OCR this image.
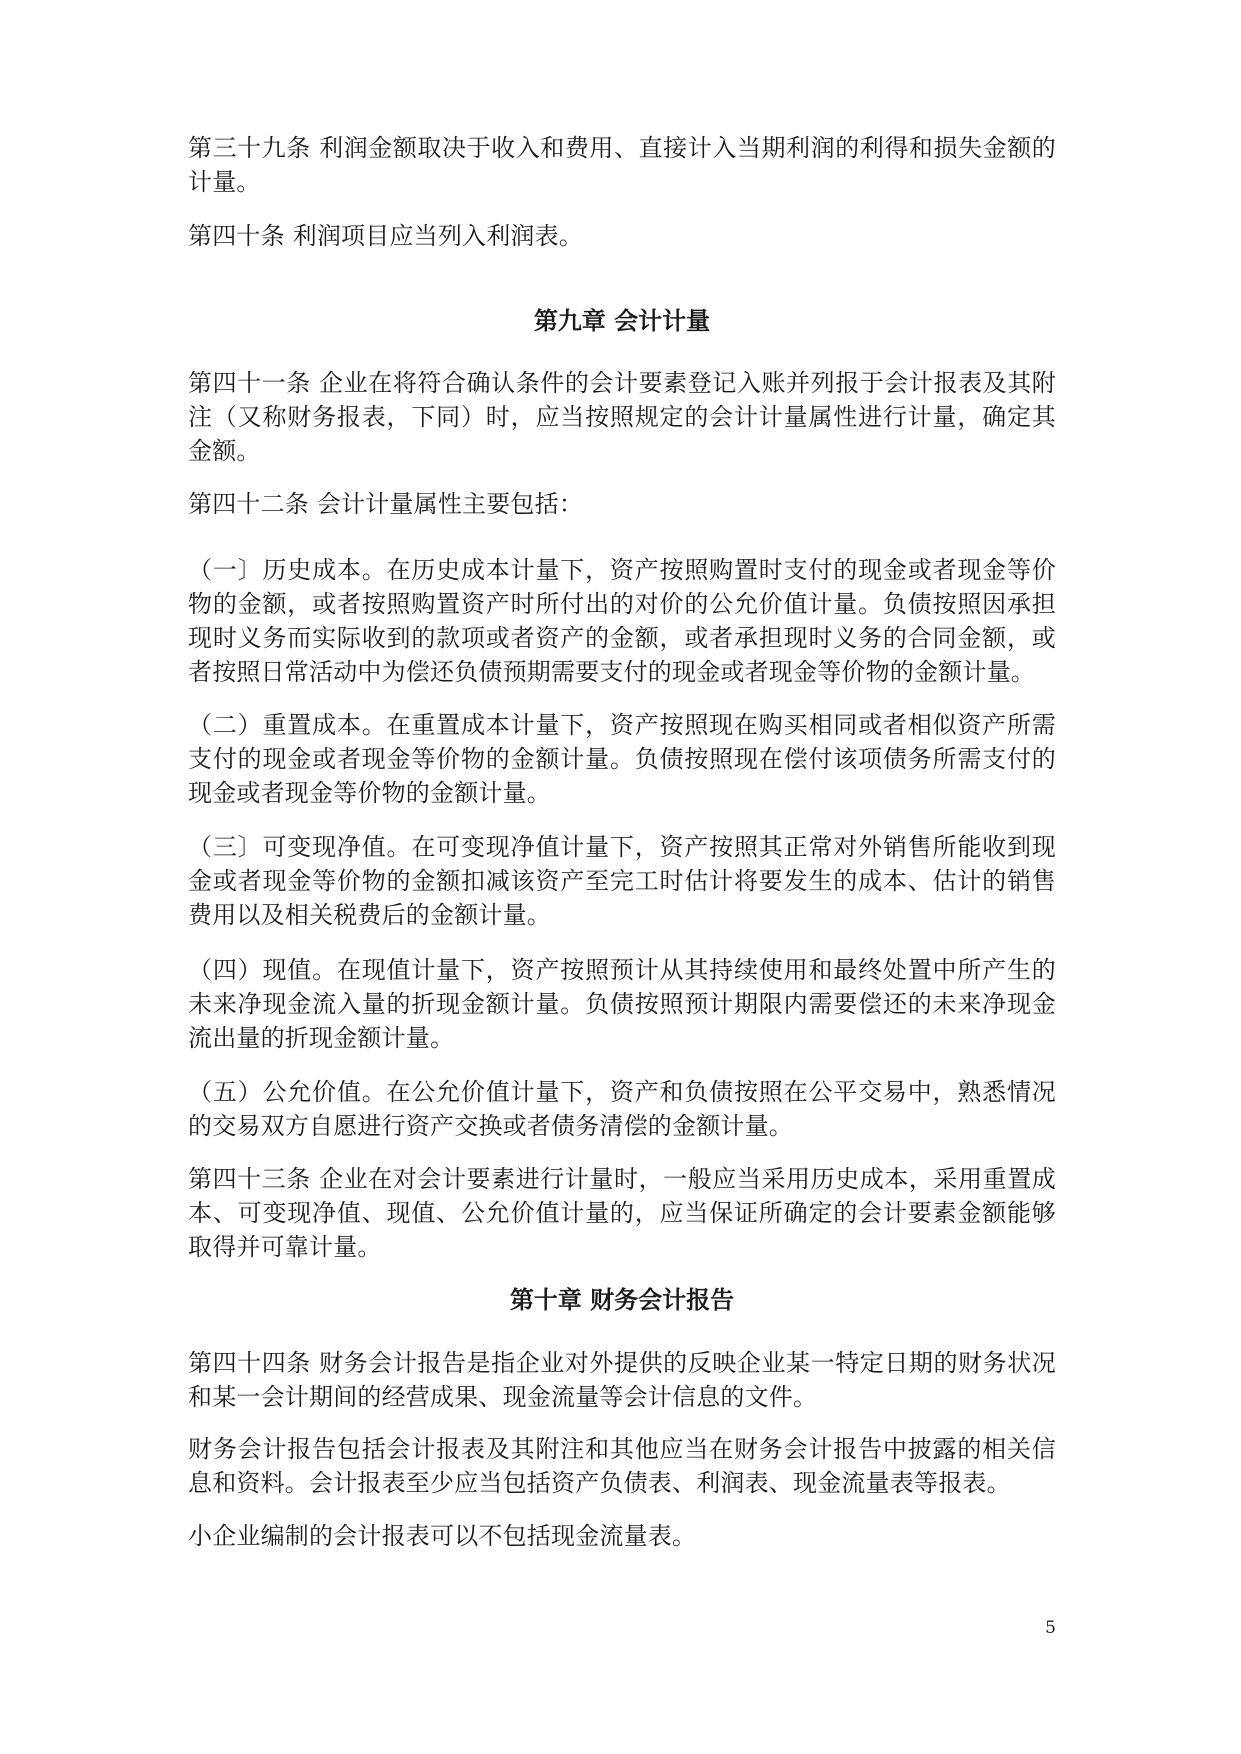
第三十九条 利润金额取决于收入和费用、直接计入当期利润的利得和损失金额的计量。

第四十条 利润项目应当列入利润表。

第九章 会计计量

第四十一条 企业在将符合确认条件的会计要素登记入账并列报于会计报表及其附注（又称财务报表，下同）时，应当按照规定的会计计量属性进行计量，确定其金额。

第四十二条 会计计量属性主要包括：

（一〕历史成本。在历史成本计量下，资产按照购置时支付的现金或者现金等价物的金额，或者按照购置资产时所付出的对价的公允价值计量。负债按照因承担现时义务而实际收到的款项或者资产的金额，或者承担现时义务的合同金额，或者按照日常活动中为偿还负债预期需要支付的现金或者现金等价物的金额计量。

（二）重置成本。在重置成本计量下，资产按照现在购买相同或者相似资产所需支付的现金或者现金等价物的金额计量。负债按照现在偿付该项债务所需支付的现金或者现金等价物的金额计量。

（三〕可变现净值。在可变现净值计量下，资产按照其正常对外销售所能收到现金或者现金等价物的金额扣减该资产至完工时估计将要发生的成本、估计的销售费用以及相关税费后的金额计量。

（四）现值。在现值计量下，资产按照预计从其持续使用和最终处置中所产生的未来净现金流入量的折现金额计量。负债按照预计期限内需要偿还的未来净现金流出量的折现金额计量。

（五）公允价值。在公允价值计量下，资产和负债按照在公平交易中，熟悉情况的交易双方自愿进行资产交换或者债务清偿的金额计量。

第四十三条 企业在对会计要素进行计量时，一般应当采用历史成本，采用重置成本、可变现净值、现值、公允价值计量的，应当保证所确定的会计要素金额能够取得并可靠计量。

第十章 财务会计报告

第四十四条 财务会计报告是指企业对外提供的反映企业某一特定日期的财务状况和某一会计期间的经营成果、现金流量等会计信息的文件。

财务会计报告包括会计报表及其附注和其他应当在财务会计报告中披露的相关信息和资料。会计报表至少应当包括资产负债表、利润表、现金流量表等报表。

小企业编制的会计报表可以不包括现金流量表。

5
